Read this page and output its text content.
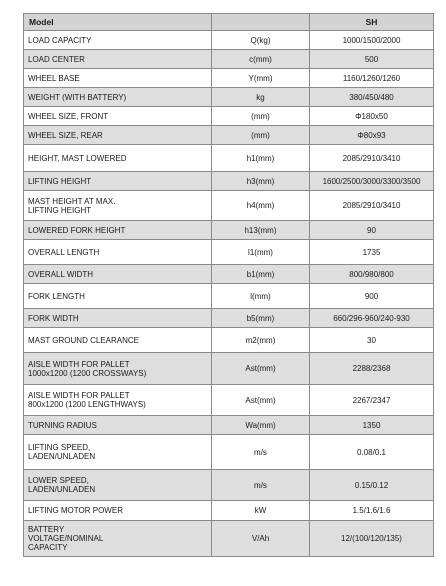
Model		SH
LOAD CAPACITY	Q(kg)	1000/1500/2000
LOAD CENTER	c(mm)	500
WHEEL BASE	Y(mm)	1160/1260/1260
WEIGHT (WITH BATTERY)	kg	380/450/480
WHEEL SIZE, FRONT	(mm)	Φ180x50
WHEEL SIZE, REAR	(mm)	Φ80x93
HEIGHT, MAST LOWERED	h1(mm)	2085/2910/3410
LIFTING HEIGHT	h3(mm)	1600/2500/3000/3300/3500
MAST HEIGHT AT MAX.
LIFTING HEIGHT	h4(mm)	2085/2910/3410
LOWERED FORK HEIGHT	h13(mm)	90
OVERALL LENGTH	l1(mm)	1735
OVERALL WIDTH	b1(mm)	800/980/800
FORK LENGTH	l(mm)	900
FORK WIDTH	b5(mm)	660/296-960/240-930
MAST GROUND CLEARANCE	m2(mm)	30
AISLE WIDTH FOR PALLET
1000x1200 (1200 CROSSWAYS)	Ast(mm)	2288/2368
AISLE WIDTH FOR PALLET
800x1200 (1200 LENGTHWAYS)	Ast(mm)	2267/2347
TURNING RADIUS	Wa(mm)	1350
LIFTING SPEED,
LADEN/UNLADEN	m/s	0.08/0.1
LOWER SPEED,
LADEN/UNLADEN	m/s	0.15/0.12
LIFTING MOTOR POWER	kW	1.5/1.6/1.6
BATTERY
VOLTAGE/NOMINAL
CAPACITY	V/Ah	12/(100/120/135)
